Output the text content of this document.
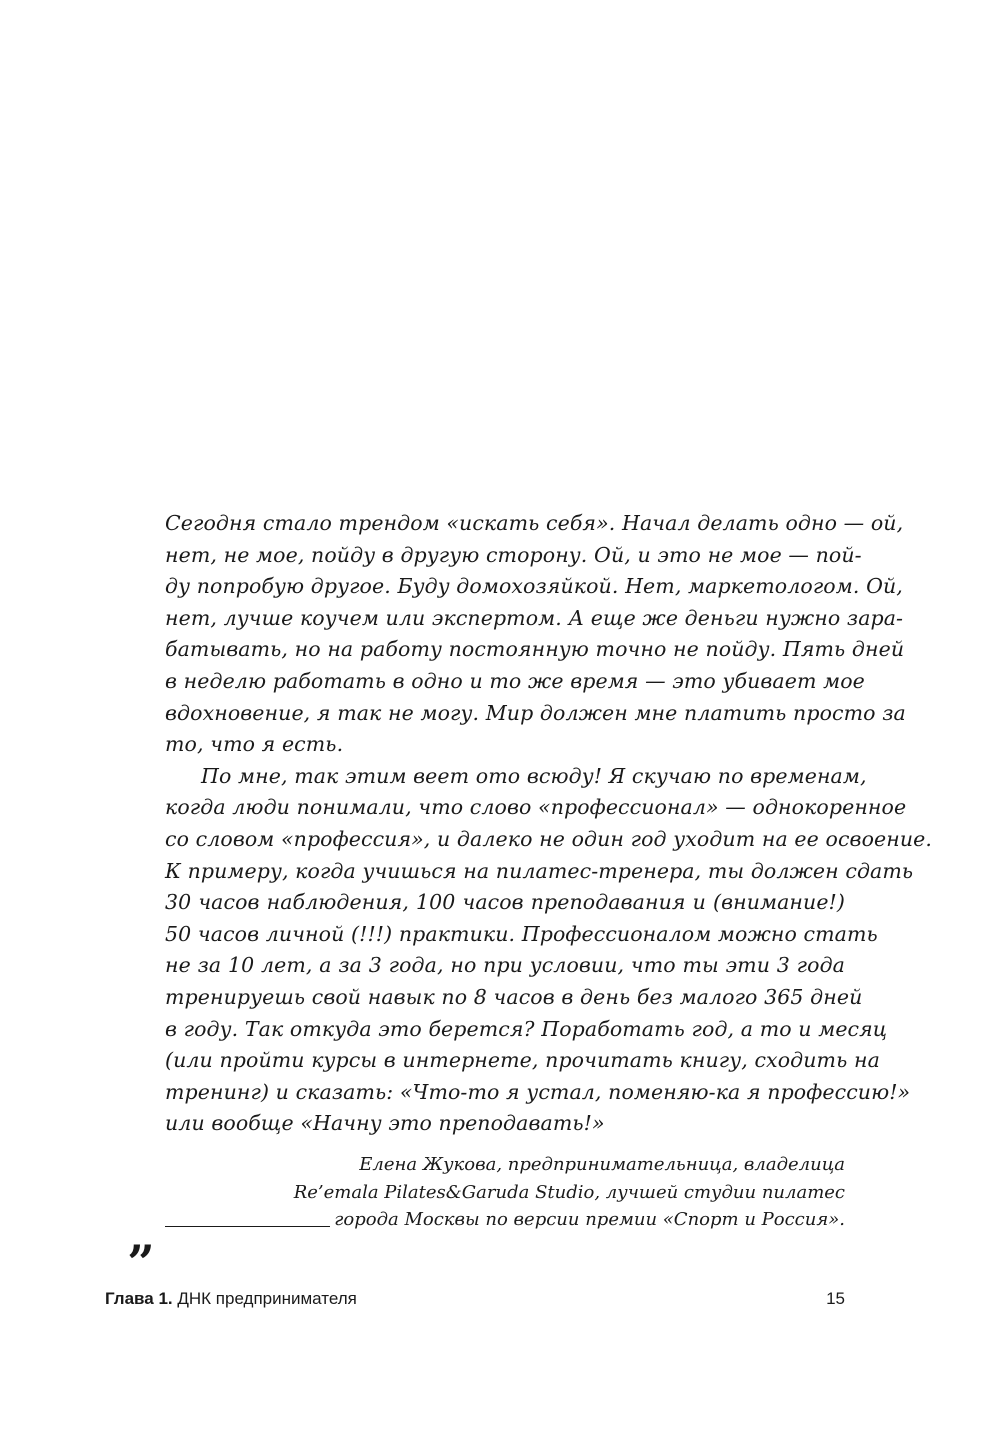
Сегодня стало трендом «искать себя». Начал делать одно — ой,
нет, не мое, пойду в другую сторону. Ой, и это не мое — пой-
ду попробую другое. Буду домохозяйкой. Нет, маркетологом. Ой,
нет, лучше коучем или экспертом. А еще же деньги нужно зара-
батывать, но на работу постоянную точно не пойду. Пять дней
в неделю работать в одно и то же время — это убивает мое
вдохновение, я так не могу. Мир должен мне платить просто за
то, что я есть.
По мне, так этим веет ото всюду! Я скучаю по временам,
когда люди понимали, что слово «профессионал» — однокоренное
со словом «профессия», и далеко не один год уходит на ее освоение.
К примеру, когда учишься на пилатес-тренера, ты должен сдать
30 часов наблюдения, 100 часов преподавания и (внимание!)
50 часов личной (!!!) практики. Профессионалом можно стать
не за 10 лет, а за 3 года, но при условии, что ты эти 3 года
тренируешь свой навык по 8 часов в день без малого 365 дней
в году. Так откуда это берется? Поработать год, а то и месяц
(или пройти курсы в интернете, прочитать книгу, сходить на
тренинг) и сказать: «Что-то я устал, поменяю-ка я профессию!»
или вообще «Начну это преподавать!»
Елена Жукова, предпринимательница, владелица
Re’emala Pilates&Garuda Studio, лучшей студии пилатес
города Москвы по версии премии «Спорт и Россия».
„
Глава 1. ДНК предпринимателя	15
